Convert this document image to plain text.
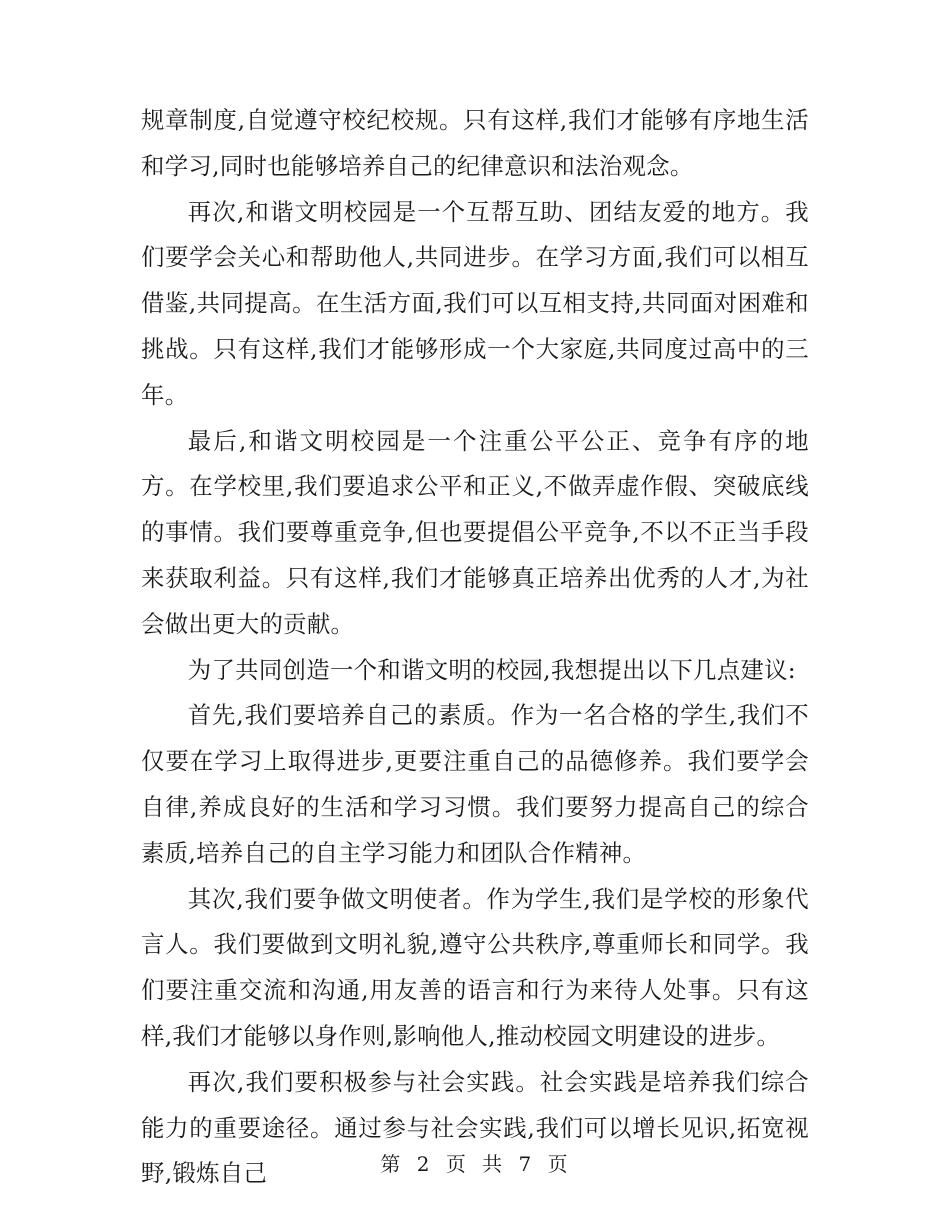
规章制度,自觉遵守校纪校规。只有这样,我们才能够有序地生活和学习,同时也能够培养自己的纪律意识和法治观念。

再次,和谐文明校园是一个互帮互助、团结友爱的地方。我们要学会关心和帮助他人,共同进步。在学习方面,我们可以相互借鉴,共同提高。在生活方面,我们可以互相支持,共同面对困难和挑战。只有这样,我们才能够形成一个大家庭,共同度过高中的三年。

最后,和谐文明校园是一个注重公平公正、竞争有序的地方。在学校里,我们要追求公平和正义,不做弄虚作假、突破底线的事情。我们要尊重竞争,但也要提倡公平竞争,不以不正当手段来获取利益。只有这样,我们才能够真正培养出优秀的人才,为社会做出更大的贡献。

为了共同创造一个和谐文明的校园,我想提出以下几点建议:

首先,我们要培养自己的素质。作为一名合格的学生,我们不仅要在学习上取得进步,更要注重自己的品德修养。我们要学会自律,养成良好的生活和学习习惯。我们要努力提高自己的综合素质,培养自己的自主学习能力和团队合作精神。

其次,我们要争做文明使者。作为学生,我们是学校的形象代言人。我们要做到文明礼貌,遵守公共秩序,尊重师长和同学。我们要注重交流和沟通,用友善的语言和行为来待人处事。只有这样,我们才能够以身作则,影响他人,推动校园文明建设的进步。

再次,我们要积极参与社会实践。社会实践是培养我们综合能力的重要途径。通过参与社会实践,我们可以增长见识,拓宽视野,锻炼自己	第 2 页 共 7 页
